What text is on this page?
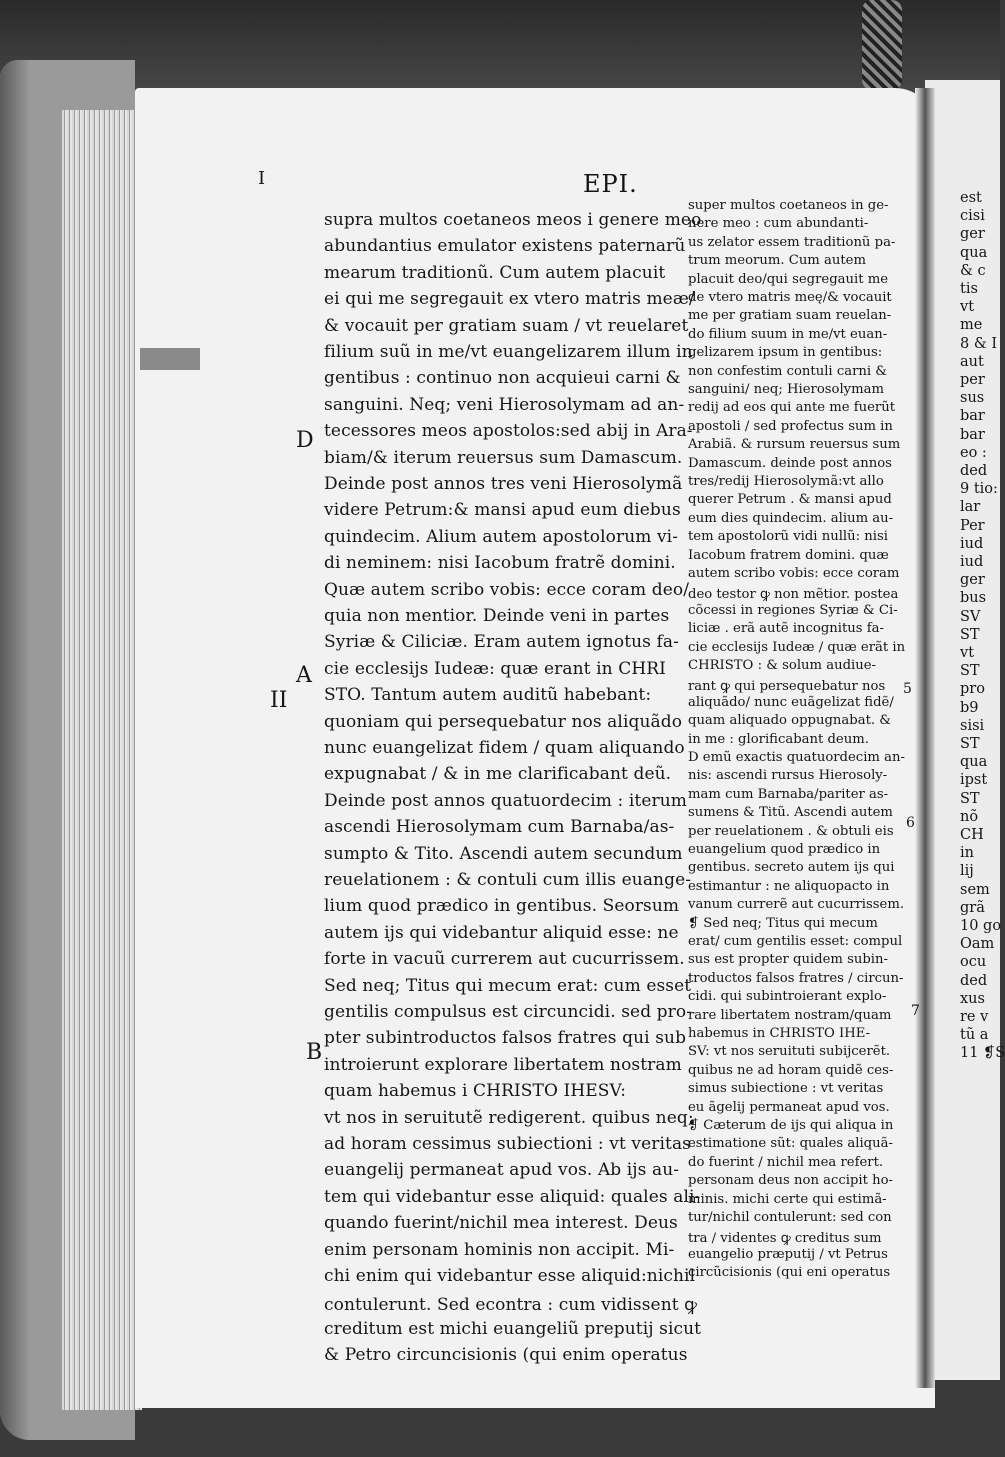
I	EPI.
D
A
II
B
5
6
7
supra multos coetaneos meos i genere meo
abundantius emulator existens paternarũ
mearum traditionũ. Cum autem placuit
ei qui me segregauit ex vtero matris meæ/
& vocauit per gratiam suam / vt reuelaret
filium suũ in me/vt euangelizarem illum in
gentibus : continuo non acquieui carni &
sanguini. Neq; veni Hierosolymam ad an-
tecessores meos apostolos:sed abij in Ara-
biam/& iterum reuersus sum Damascum.
Deinde post annos tres veni Hierosolymã
videre Petrum:& mansi apud eum diebus
quindecim. Alium autem apostolorum vi-
di neminem: nisi Iacobum fratrẽ domini.
Quæ autem scribo vobis: ecce coram deo/
quia non mentior. Deinde veni in partes
Syriæ & Ciliciæ. Eram autem ignotus fa-
cie ecclesijs Iudeæ: quæ erant in CHRI
STO. Tantum autem auditũ habebant:
quoniam qui persequebatur nos aliquãdo
nunc euangelizat fidem / quam aliquando
expugnabat / & in me clarificabant deũ.
Deinde post annos quatuordecim : iterum
ascendi Hierosolymam cum Barnaba/as-
sumpto & Tito. Ascendi autem secundum
reuelationem : & contuli cum illis euange-
lium quod prædico in gentibus. Seorsum
autem ijs qui videbantur aliquid esse: ne
forte in vacuũ currerem aut cucurrissem.
Sed neq; Titus qui mecum erat: cum esset
gentilis compulsus est circuncidi. sed pro-
pter subintroductos falsos fratres qui sub
introierunt explorare libertatem nostram
quam habemus i CHRISTO IHESV:
vt nos in seruitutẽ redigerent. quibus neq;
ad horam cessimus subiectioni : vt veritas
euangelij permaneat apud vos. Ab ijs au-
tem qui videbantur esse aliquid: quales ali-
quando fuerint/nichil mea interest. Deus
enim personam hominis non accipit. Mi-
chi enim qui videbantur esse aliquid:nichil
contulerunt. Sed econtra : cum vidissent ꝙ
creditum est michi euangeliũ preputij sicut
& Petro circuncisionis (qui enim operatus
super multos coetaneos in ge-
nere meo : cum abundanti-
us zelator essem traditionũ pa-
trum meorum. Cum autem
placuit deo/qui segregauit me
de vtero matris meę/& vocauit
me per gratiam suam reuelan-
do filium suum in me/vt euan-
gelizarem ipsum in gentibus:
non confestim contuli carni &
sanguini/ neq; Hierosolymam
redij ad eos qui ante me fuerũt
apostoli / sed profectus sum in
Arabiã. & rursum reuersus sum
Damascum. deinde post annos
tres/redij Hierosolymã:vt allo
querer Petrum . & mansi apud
eum dies quindecim. alium au-
tem apostolorũ vidi nullũ: nisi
Iacobum fratrem domini. quæ
autem scribo vobis: ecce coram
deo testor ꝙ non mẽtior. postea
cõcessi in regiones Syriæ & Ci-
liciæ . erã autẽ incognitus fa-
cie ecclesijs Iudeæ / quæ erãt in
CHRISTO : & solum audiue-
rant ꝙ qui persequebatur nos
aliquãdo/ nunc euãgelizat fidẽ/
quam aliquado oppugnabat. &
in me : glorificabant deum.
D emũ exactis quatuordecim an-
nis: ascendi rursus Hierosoly-
mam cum Barnaba/pariter as-
sumens & Titũ. Ascendi autem
per reuelationem . & obtuli eis
euangelium quod prædico in
gentibus. secreto autem ijs qui
estimantur : ne aliquopacto in
vanum currerẽ aut cucurrissem.
❡ Sed neq; Titus qui mecum
erat/ cum gentilis esset: compul
sus est propter quidem subin-
troductos falsos fratres / circun-
cidi. qui subintroierant explo-
rare libertatem nostram/quam
habemus in CHRISTO IHE-
SV: vt nos seruituti subijcerẽt.
quibus ne ad horam quidẽ ces-
simus subiectione : vt veritas
eu ãgelij permaneat apud vos.
❡ Cæterum de ijs qui aliqua in
estimatione sũt: quales aliquã-
do fuerint / nichil mea refert.
personam deus non accipit ho-
minis. michi certe qui estimã-
tur/nichil contulerunt: sed con
tra / videntes ꝙ creditus sum
euangelio præputij / vt Petrus
circũcisionis (qui eni operatus
est
cisi
ger
qua
& c
tis
vt
me
8 & I
aut
per
sus
bar
bar
eo :
ded
9 tio:
lar
Per
iud
iud
ger
bus
SV
ST
vt
ST
pro
b9
sisi
ST
qua
ipst
ST
nõ
CH
in
lij
sem
grã
10 go
Oam
ocu
ded
xus
re v
tũ a
11 ❡S
